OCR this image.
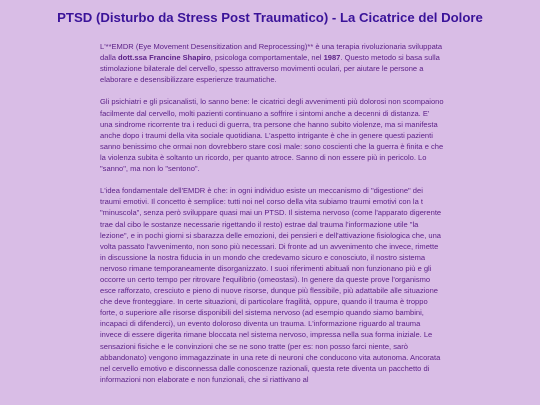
PTSD (Disturbo da Stress Post Traumatico) - La Cicatrice del Dolore

L'**EMDR (Eye Movement Desensitization and Reprocessing)** è una terapia rivoluzionaria sviluppata dalla dott.ssa Francine Shapiro, psicologa comportamentale, nel 1987. Questo metodo si basa sulla stimolazione bilaterale del cervello, spesso attraverso movimenti oculari, per aiutare le persone a elaborare e desensibilizzare esperienze traumatiche.

Gli psichiatri e gli psicanalisti, lo sanno bene: le cicatrici degli avvenimenti più dolorosi non scompaiono facilmente dal cervello, molti pazienti continuano a soffrire i sintomi anche a decenni di distanza. E' una sindrome ricorrente tra i reduci di guerra, tra persone che hanno subito violenze, ma si manifesta anche dopo i traumi della vita sociale quotidiana. L'aspetto intrigante è che in genere questi pazienti sanno benissimo che ormai non dovrebbero stare così male: sono coscienti che la guerra è finita e che la violenza subita è soltanto un ricordo, per quanto atroce. Sanno di non essere più in pericolo. Lo "sanno", ma non lo "sentono".

L'idea fondamentale dell'EMDR è che: in ogni individuo esiste un meccanismo di "digestione" dei traumi emotivi. Il concetto è semplice: tutti noi nel corso della vita subiamo traumi emotivi con la t "minuscola", senza però sviluppare quasi mai un PTSD. Il sistema nervoso (come l'apparato digerente trae dal cibo le sostanze necessarie rigettando il resto) estrae dal trauma l'informazione utile "la lezione", e in pochi giorni si sbarazza delle emozioni, dei pensieri e dell'attivazione fisiologica che, una volta passato l'avvenimento, non sono più necessari. Di fronte ad un avvenimento che invece, rimette in discussione la nostra fiducia in un mondo che credevamo sicuro e conosciuto, il nostro sistema nervoso rimane temporaneamente disorganizzato. I suoi riferimenti abituali non funzionano più e gli occorre un certo tempo per ritrovare l'equilibrio (omeostasi). In genere da queste prove l'organismo esce rafforzato, cresciuto e pieno di nuove risorse, dunque più flessibile, più adattabile alle situazione che deve fronteggiare. In certe situazioni, di particolare fragilità, oppure, quando il trauma è troppo forte, o superiore alle risorse disponibili del sistema nervoso (ad esempio quando siamo bambini, incapaci di difenderci), un evento doloroso diventa un trauma. L'informazione riguardo al trauma invece di essere digerita rimane bloccata nel sistema nervoso, impressa nella sua forma iniziale. Le sensazioni fisiche e le convinzioni che se ne sono tratte (per es: non posso farci niente, sarò abbandonato) vengono immagazzinate in una rete di neuroni che conducono vita autonoma. Ancorata nel cervello emotivo e disconnessa dalle conoscenze razionali, questa rete diventa un pacchetto di informazioni non elaborate e non funzionali, che si riattivano al
